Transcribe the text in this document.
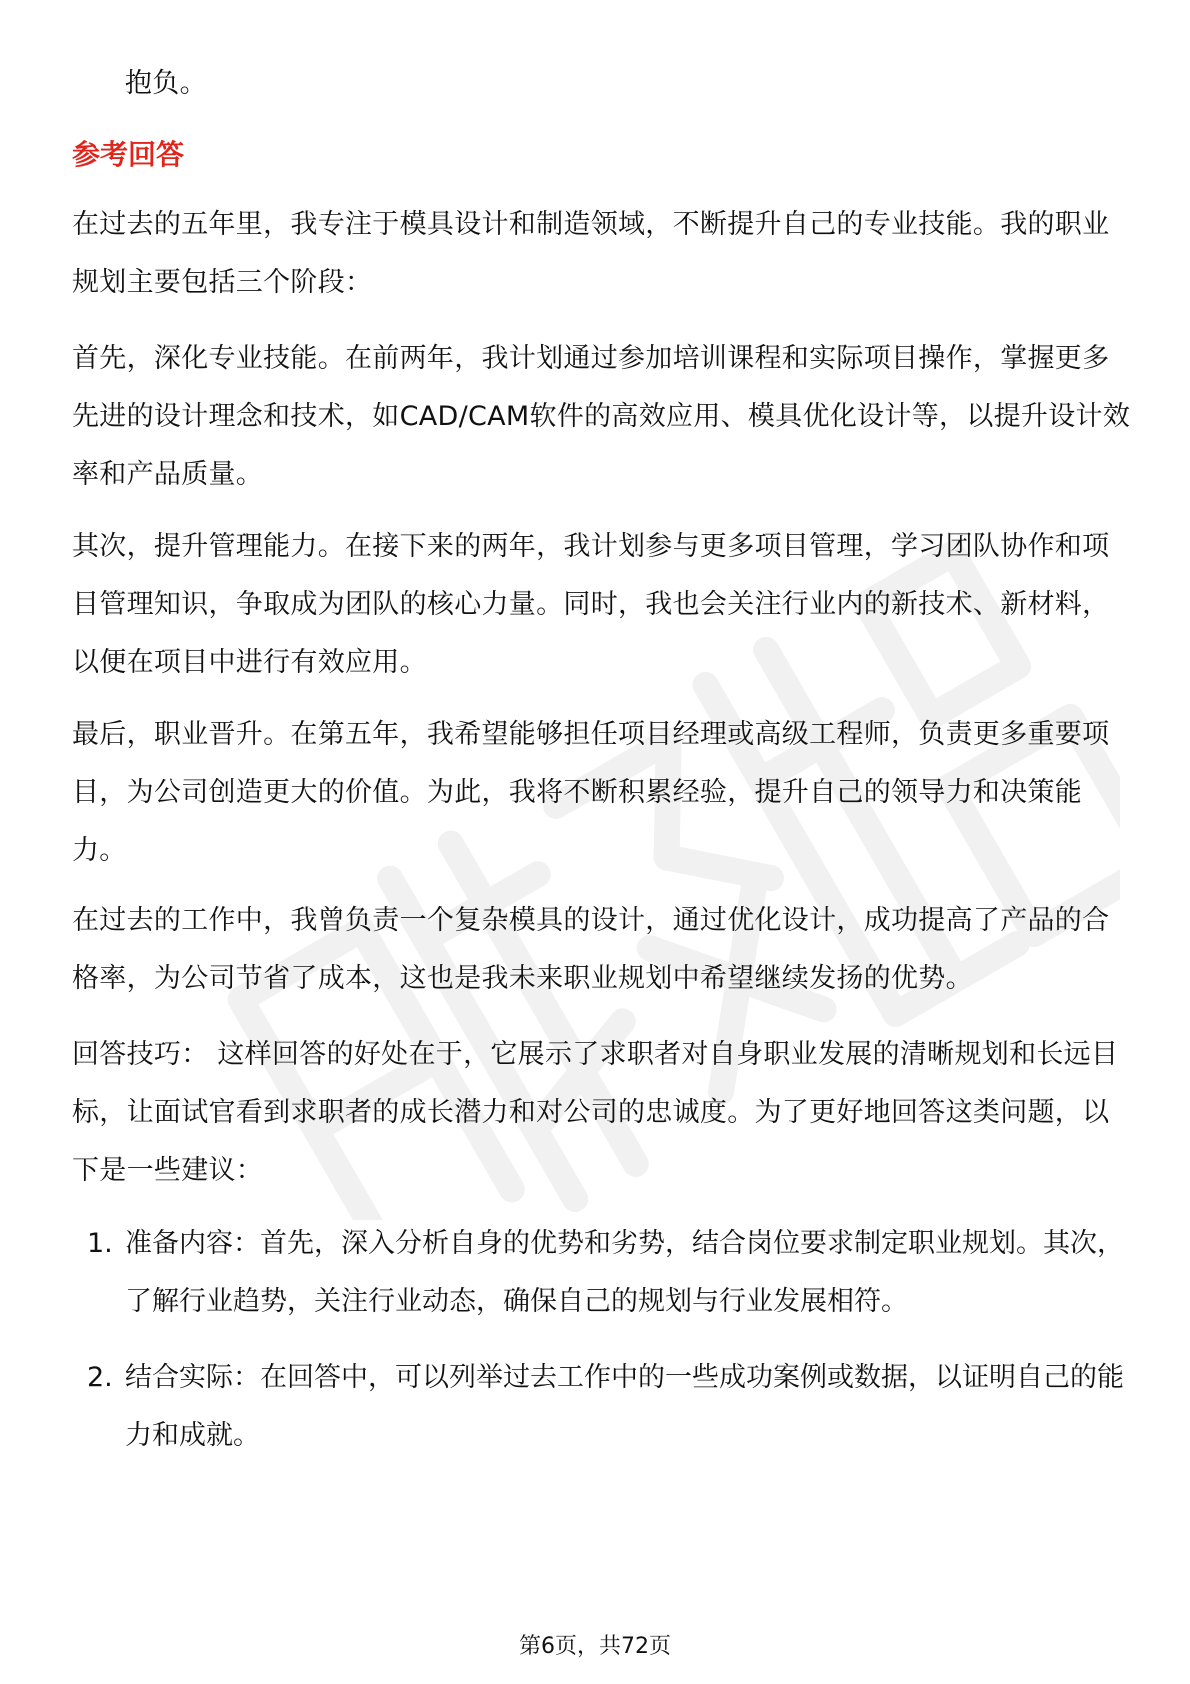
抱负。

参考回答

在过去的五年里，我专注于模具设计和制造领域，不断提升自己的专业技能。我的职业规划主要包括三个阶段：

首先，深化专业技能。在前两年，我计划通过参加培训课程和实际项目操作，掌握更多先进的设计理念和技术，如CAD/CAM软件的高效应用、模具优化设计等，以提升设计效率和产品质量。

其次，提升管理能力。在接下来的两年，我计划参与更多项目管理，学习团队协作和项目管理知识，争取成为团队的核心力量。同时，我也会关注行业内的新技术、新材料，以便在项目中进行有效应用。

最后，职业晋升。在第五年，我希望能够担任项目经理或高级工程师，负责更多重要项目，为公司创造更大的价值。为此，我将不断积累经验，提升自己的领导力和决策能力。

在过去的工作中，我曾负责一个复杂模具的设计，通过优化设计，成功提高了产品的合格率，为公司节省了成本，这也是我未来职业规划中希望继续发扬的优势。

回答技巧： 这样回答的好处在于，它展示了求职者对自身职业发展的清晰规划和长远目标，让面试官看到求职者的成长潜力和对公司的忠诚度。为了更好地回答这类问题，以下是一些建议：

1. 准备内容：首先，深入分析自身的优势和劣势，结合岗位要求制定职业规划。其次，了解行业趋势，关注行业动态，确保自己的规划与行业发展相符。
2. 结合实际：在回答中，可以列举过去工作中的一些成功案例或数据，以证明自己的能力和成就。
第6页，共72页
